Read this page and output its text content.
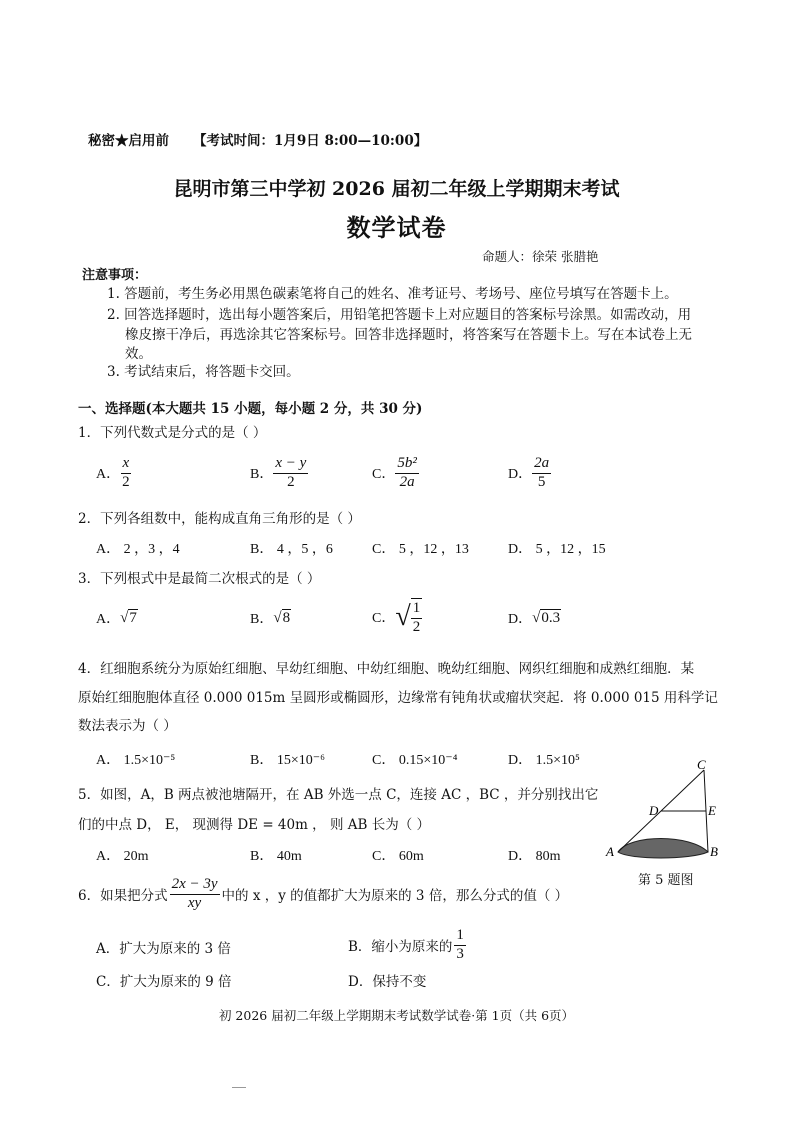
秘密★启用前 【考试时间：1月9日 8:00—10:00】
昆明市第三中学初 2026 届初二年级上学期期末考试
数学试卷
命题人：徐荣 张腊艳
注意事项：
1. 答题前，考生务必用黑色碳素笔将自己的姓名、准考证号、考场号、座位号填写在答题卡上。
2. 回答选择题时，选出每小题答案后，用铅笔把答题卡上对应题目的答案标号涂黑。如需改动，用
橡皮擦干净后，再选涂其它答案标号。回答非选择题时，将答案写在答题卡上。写在本试卷上无
效。
3. 考试结束后，将答题卡交回。
一、选择题(本大题共 15 小题，每小题 2 分，共 30 分)
1．下列代数式是分式的是（ ）
A． $\frac{x}{2}$	B． $\frac{x - y}{2}$	C． $\frac{\text{5b²}}{2a}$	D． $\frac{2a}{5}$
2．下列各组数中，能构成直角三角形的是（ ）
A． 2 ，3 ，4	B． 4 ，5 ，6	C． 5 ，12 ，13	D． 5 ，12 ，15
3．下列根式中是最简二次根式的是（ ）
A． √7	B． √8	C． √ $\frac{1}{2}$	D． √0.3
4．红细胞系统分为原始红细胞、早幼红细胞、中幼红细胞、晚幼红细胞、网织红细胞和成熟红细胞．某
原始红细胞胞体直径 0.000 015m 呈圆形或椭圆形，边缘常有钝角状或瘤状突起．将 0.000 015 用科学记
数法表示为（ ）
A． 1.5×10⁻⁵	B． 15×10⁻⁶	C． 0.15×10⁻⁴	D． 1.5×10⁵
5．如图，A，B 两点被池塘隔开，在 AB 外选一点 C，连接 AC ，BC ，并分别找出它
们的中点 D， E， 现测得 DE = 40m ， 则 AB 长为（ ）
A． 20m	B． 40m	C． 60m	D． 80m
C
D	E
A	B
第 5 题图
6．如果把分式 $\frac{2x - 3y}{xy}$ 中的 x ，y 的值都扩大为原来的 3 倍，那么分式的值（ ）
A．扩大为原来的 3 倍	B．缩小为原来的 $\frac{1}{3}$
C．扩大为原来的 9 倍	D．保持不变
初 2026 届初二年级上学期期末考试数学试卷·第 1页（共 6页）
